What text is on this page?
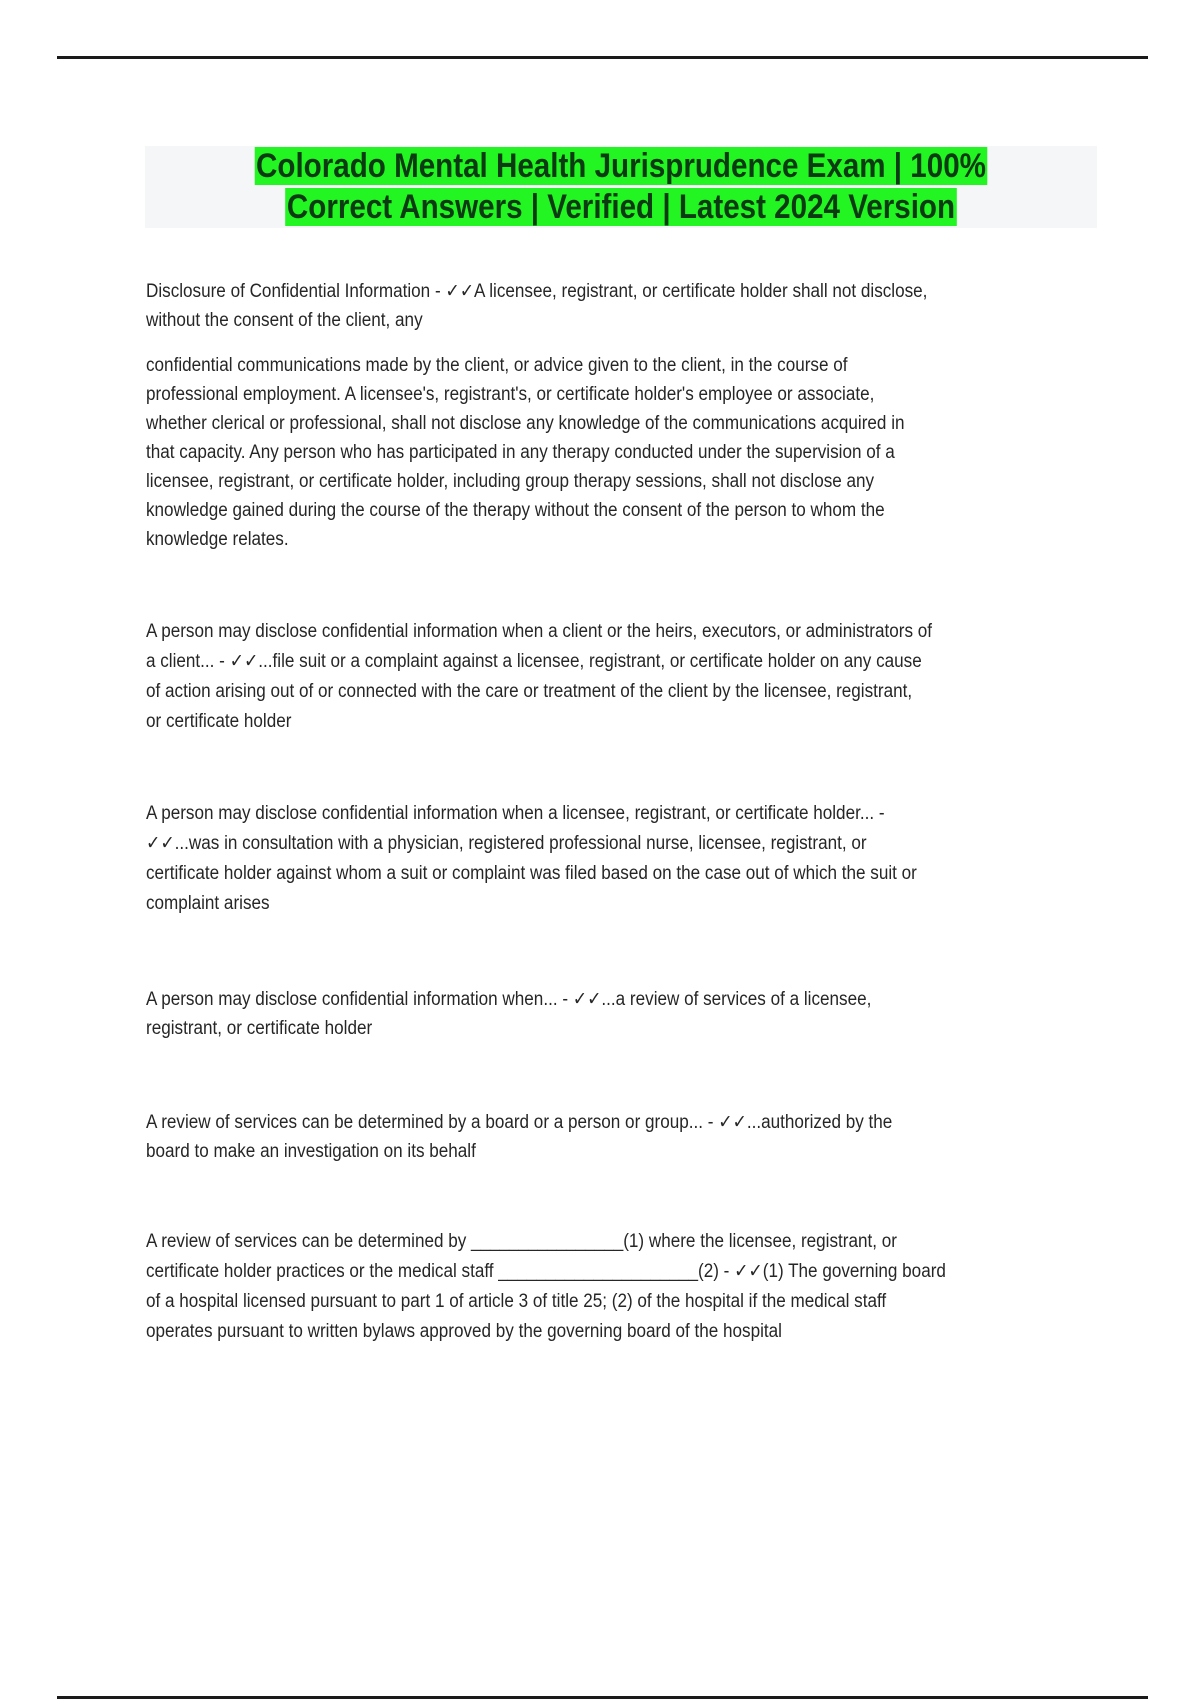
Colorado Mental Health Jurisprudence Exam | 100%
Correct Answers | Verified | Latest 2024 Version
Disclosure of Confidential Information - ✓✓A licensee, registrant, or certificate holder shall not disclose,
without the consent of the client, any
confidential communications made by the client, or advice given to the client, in the course of
professional employment. A licensee's, registrant's, or certificate holder's employee or associate,
whether clerical or professional, shall not disclose any knowledge of the communications acquired in
that capacity. Any person who has participated in any therapy conducted under the supervision of a
licensee, registrant, or certificate holder, including group therapy sessions, shall not disclose any
knowledge gained during the course of the therapy without the consent of the person to whom the
knowledge relates.
A person may disclose confidential information when a client or the heirs, executors, or administrators of
a client... - ✓✓...file suit or a complaint against a licensee, registrant, or certificate holder on any cause
of action arising out of or connected with the care or treatment of the client by the licensee, registrant,
or certificate holder
A person may disclose confidential information when a licensee, registrant, or certificate holder... -
✓✓...was in consultation with a physician, registered professional nurse, licensee, registrant, or
certificate holder against whom a suit or complaint was filed based on the case out of which the suit or
complaint arises
A person may disclose confidential information when... - ✓✓...a review of services of a licensee,
registrant, or certificate holder
A review of services can be determined by a board or a person or group... - ✓✓...authorized by the
board to make an investigation on its behalf
A review of services can be determined by ________________(1) where the licensee, registrant, or
certificate holder practices or the medical staff _____________________(2) - ✓✓(1) The governing board
of a hospital licensed pursuant to part 1 of article 3 of title 25; (2) of the hospital if the medical staff
operates pursuant to written bylaws approved by the governing board of the hospital
